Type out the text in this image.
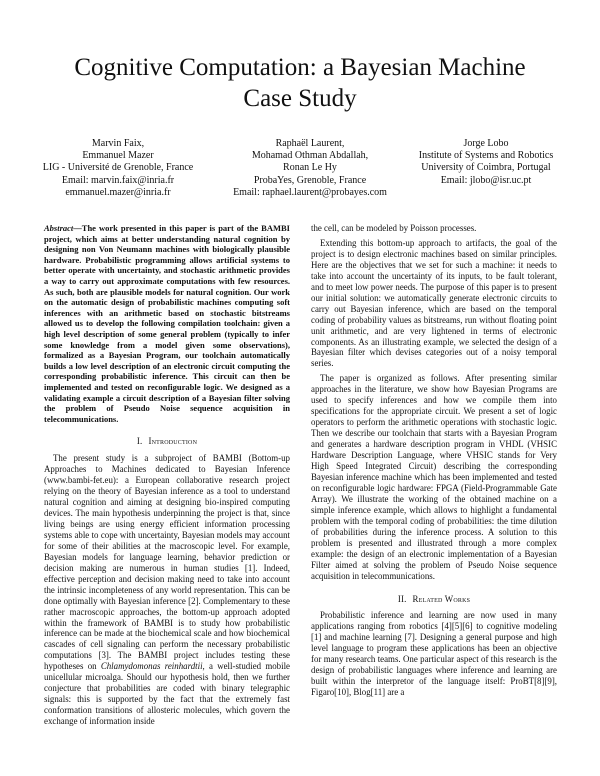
Cognitive Computation: a Bayesian Machine
Case Study
Marvin Faix,
Emmanuel Mazer
LIG - Université de Grenoble, France
Email: marvin.faix@inria.fr
emmanuel.mazer@inria.fr
Raphaël Laurent,
Mohamad Othman Abdallah,
Ronan Le Hy
ProbaYes, Grenoble, France
Email: raphael.laurent@probayes.com
Jorge Lobo
Institute of Systems and Robotics
University of Coimbra, Portugal
Email: jlobo@isr.uc.pt

Abstract—The work presented in this paper is part of the BAMBI project, which aims at better understanding natural cognition by designing non Von Neumann machines with biologically plausible hardware. Probabilistic programming allows artificial systems to better operate with uncertainty, and stochastic arithmetic provides a way to carry out approximate computations with few resources. As such, both are plausible models for natural cognition. Our work on the automatic design of probabilistic machines computing soft inferences with an arithmetic based on stochastic bitstreams allowed us to develop the following compilation toolchain: given a high level description of some general problem (typically to infer some knowledge from a model given some observations), formalized as a Bayesian Program, our toolchain automatically builds a low level description of an electronic circuit computing the corresponding probabilistic inference. This circuit can then be implemented and tested on reconfigurable logic. We designed as a validating example a circuit description of a Bayesian filter solving the problem of Pseudo Noise sequence acquisition in telecommunications.

I. Introduction

The present study is a subproject of BAMBI (Bottom-up Approaches to Machines dedicated to Bayesian Inference (www.bambi-fet.eu): a European collaborative research project relying on the theory of Bayesian inference as a tool to understand natural cognition and aiming at designing bio-inspired computing devices. The main hypothesis underpinning the project is that, since living beings are using energy efficient information processing systems able to cope with uncertainty, Bayesian models may account for some of their abilities at the macroscopic level. For example, Bayesian models for language learning, behavior prediction or decision making are numerous in human studies [1]. Indeed, effective perception and decision making need to take into account the intrinsic incompleteness of any world representation. This can be done optimally with Bayesian inference [2]. Complementary to these rather macroscopic approaches, the bottom-up approach adopted within the framework of BAMBI is to study how probabilistic inference can be made at the biochemical scale and how biochemical cascades of cell signaling can perform the necessary probabilistic computations [3]. The BAMBI project includes testing these hypotheses on Chlamydomonas reinhardtii, a well-studied mobile unicellular microalga. Should our hypothesis hold, then we further conjecture that probabilities are coded with binary telegraphic signals: this is supported by the fact that the extremely fast conformation transitions of allosteric molecules, which govern the exchange of information inside

the cell, can be modeled by Poisson processes.

Extending this bottom-up approach to artifacts, the goal of the project is to design electronic machines based on similar principles. Here are the objectives that we set for such a machine: it needs to take into account the uncertainty of its inputs, to be fault tolerant, and to meet low power needs. The purpose of this paper is to present our initial solution: we automatically generate electronic circuits to carry out Bayesian inference, which are based on the temporal coding of probability values as bitstreams, run without floating point unit arithmetic, and are very lightened in terms of electronic components. As an illustrating example, we selected the design of a Bayesian filter which devises categories out of a noisy temporal series.

The paper is organized as follows. After presenting similar approaches in the literature, we show how Bayesian Programs are used to specify inferences and how we compile them into specifications for the appropriate circuit. We present a set of logic operators to perform the arithmetic operations with stochastic logic. Then we describe our toolchain that starts with a Bayesian Program and generates a hardware description program in VHDL (VHSIC Hardware Description Language, where VHSIC stands for Very High Speed Integrated Circuit) describing the corresponding Bayesian inference machine which has been implemented and tested on reconfigurable logic hardware: FPGA (Field-Programmable Gate Array). We illustrate the working of the obtained machine on a simple inference example, which allows to highlight a fundamental problem with the temporal coding of probabilities: the time dilution of probabilities during the inference process. A solution to this problem is presented and illustrated through a more complex example: the design of an electronic implementation of a Bayesian Filter aimed at solving the problem of Pseudo Noise sequence acquisition in telecommunications.

II. Related Works

Probabilistic inference and learning are now used in many applications ranging from robotics [4][5][6] to cognitive modeling [1] and machine learning [7]. Designing a general purpose and high level language to program these applications has been an objective for many research teams. One particular aspect of this research is the design of probabilistic languages where inference and learning are built within the interpretor of the language itself: ProBT[8][9], Figaro[10], Blog[11] are a
